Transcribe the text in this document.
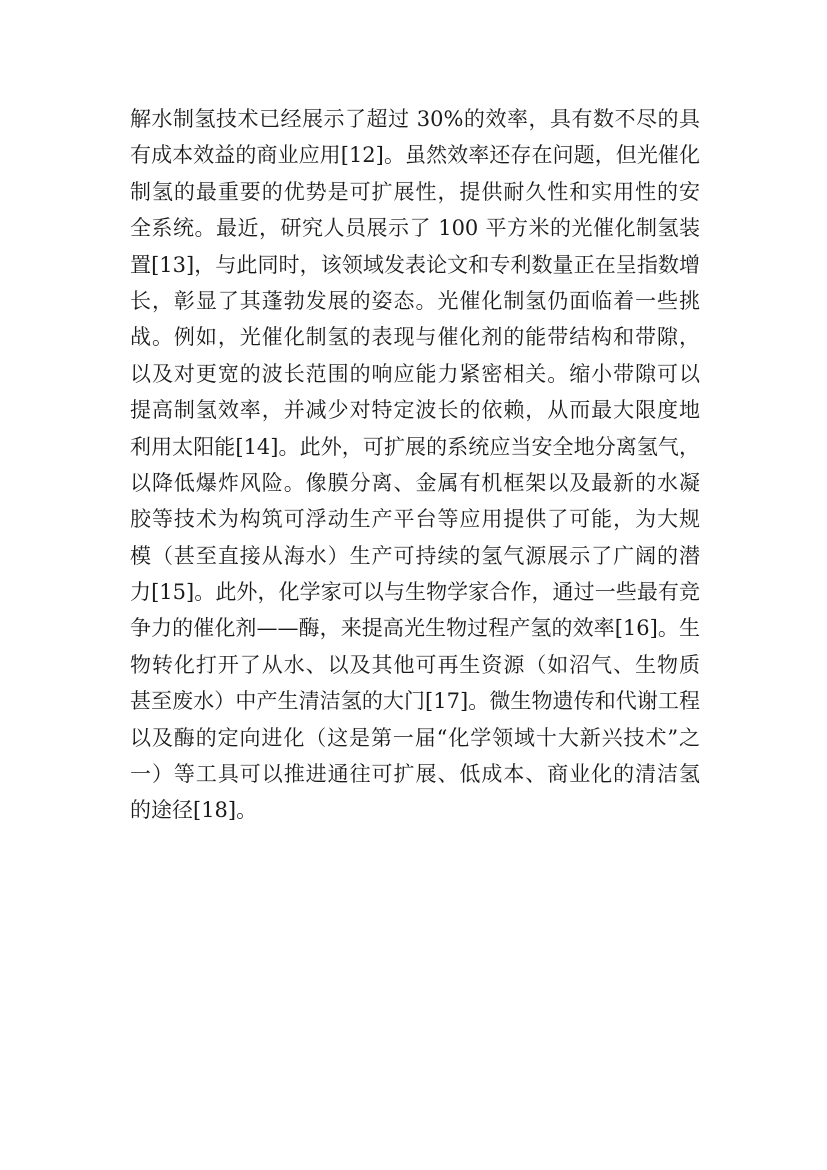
解水制氢技术已经展示了超过 30%的效率，具有数不尽的具
有成本效益的商业应用[12]。虽然效率还存在问题，但光催化
制氢的最重要的优势是可扩展性，提供耐久性和实用性的安
全系统。最近，研究人员展示了 100 平方米的光催化制氢装
置[13]，与此同时，该领域发表论文和专利数量正在呈指数增
长，彰显了其蓬勃发展的姿态。光催化制氢仍面临着一些挑
战。例如，光催化制氢的表现与催化剂的能带结构和带隙，
以及对更宽的波长范围的响应能力紧密相关。缩小带隙可以
提高制氢效率，并减少对特定波长的依赖，从而最大限度地
利用太阳能[14]。此外，可扩展的系统应当安全地分离氢气，
以降低爆炸风险。像膜分离、金属有机框架以及最新的水凝
胶等技术为构筑可浮动生产平台等应用提供了可能，为大规
模（甚至直接从海水）生产可持续的氢气源展示了广阔的潜
力[15]。此外，化学家可以与生物学家合作，通过一些最有竞
争力的催化剂——酶，来提高光生物过程产氢的效率[16]。生
物转化打开了从水、以及其他可再生资源（如沼气、生物质
甚至废水）中产生清洁氢的大门[17]。微生物遗传和代谢工程
以及酶的定向进化（这是第一届“化学领域十大新兴技术”之
一）等工具可以推进通往可扩展、低成本、商业化的清洁氢
的途径[18]。
